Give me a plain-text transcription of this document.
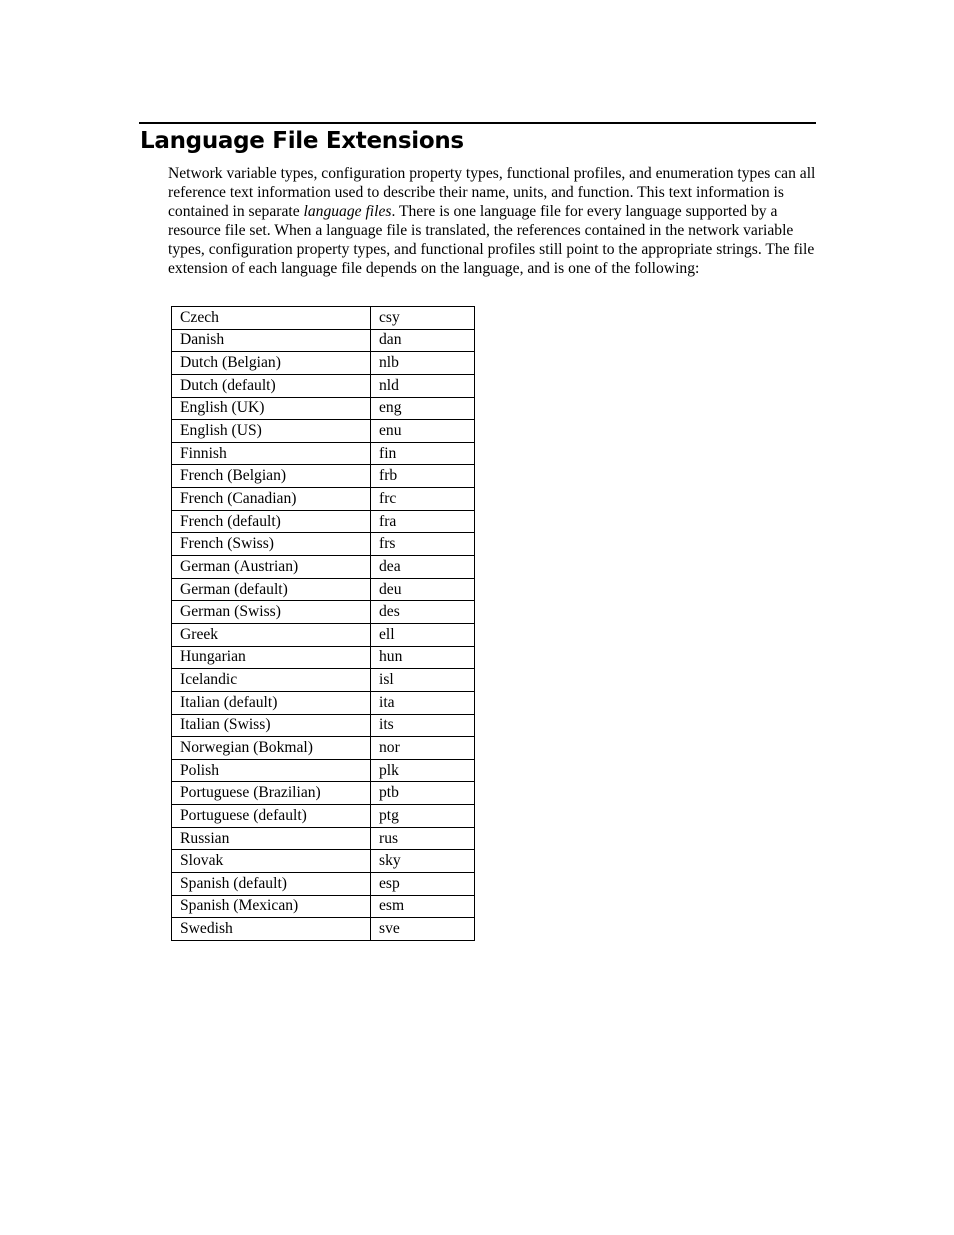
Language File Extensions

Network variable types, configuration property types, functional profiles, and enumeration types can all reference text information used to describe their name, units, and function. This text information is contained in separate language files. There is one language file for every language supported by a resource file set. When a language file is translated, the references contained in the network variable types, configuration property types, and functional profiles still point to the appropriate strings. The file extension of each language file depends on the language, and is one of the following:

Czech	csy
Danish	dan
Dutch (Belgian)	nlb
Dutch (default)	nld
English (UK)	eng
English (US)	enu
Finnish	fin
French (Belgian)	frb
French (Canadian)	frc
French (default)	fra
French (Swiss)	frs
German (Austrian)	dea
German (default)	deu
German (Swiss)	des
Greek	ell
Hungarian	hun
Icelandic	isl
Italian (default)	ita
Italian (Swiss)	its
Norwegian (Bokmal)	nor
Polish	plk
Portuguese (Brazilian)	ptb
Portuguese (default)	ptg
Russian	rus
Slovak	sky
Spanish (default)	esp
Spanish (Mexican)	esm
Swedish	sve
